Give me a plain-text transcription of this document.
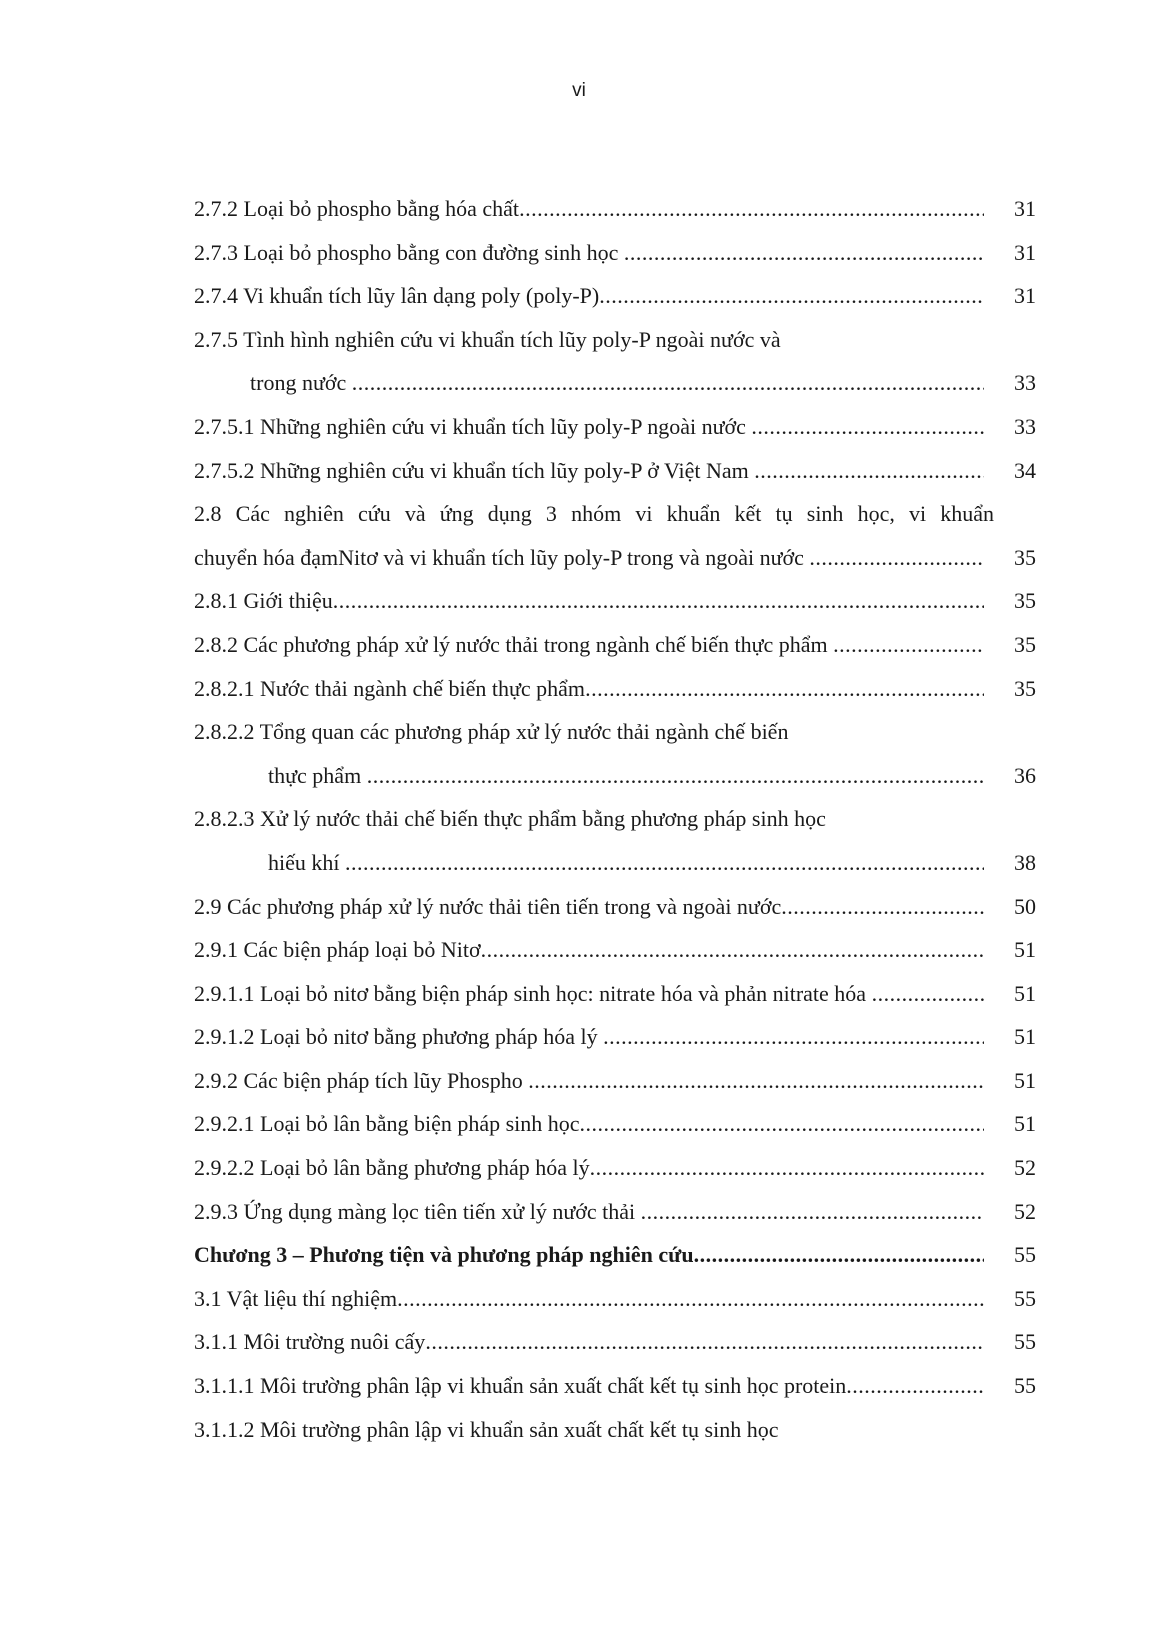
vi
2.7.2 Loại bỏ phospho bằng hóa chất .....	31
2.7.3 Loại bỏ phospho bằng con đường sinh học .....	31
2.7.4 Vi khuẩn tích lũy lân dạng poly (poly-P) .....	31
2.7.5 Tình hình nghiên cứu vi khuẩn tích lũy poly-P ngoài nước và
trong nước .....	33
2.7.5.1 Những nghiên cứu vi khuẩn tích lũy poly-P ngoài nước .....	33
2.7.5.2 Những nghiên cứu vi khuẩn tích lũy poly-P ở Việt Nam .....	34
2.8 Các nghiên cứu và ứng dụng 3 nhóm vi khuẩn kết tụ sinh học, vi khuẩn
chuyển hóa đạmNitơ và vi khuẩn tích lũy poly-P trong và ngoài nước .....	35
2.8.1 Giới thiệu .....	35
2.8.2 Các phương pháp xử lý nước thải trong ngành chế biến thực phẩm .....	35
2.8.2.1 Nước thải ngành chế biến thực phẩm .....	35
2.8.2.2 Tổng quan các phương pháp xử lý nước thải ngành chế biến
thực phẩm .....	36
2.8.2.3 Xử lý nước thải chế biến thực phẩm bằng phương pháp sinh học
hiếu khí .....	38
2.9 Các phương pháp xử lý nước thải tiên tiến trong và ngoài nước .....	50
2.9.1 Các biện pháp loại bỏ Nitơ .....	51
2.9.1.1 Loại bỏ nitơ bằng biện pháp sinh học: nitrate hóa và phản nitrate hóa .....	51
2.9.1.2 Loại bỏ nitơ bằng phương pháp hóa lý .....	51
2.9.2 Các biện pháp tích lũy Phospho .....	51
2.9.2.1 Loại bỏ lân bằng biện pháp sinh học .....	51
2.9.2.2 Loại bỏ lân bằng phương pháp hóa lý .....	52
2.9.3 Ứng dụng màng lọc tiên tiến xử lý nước thải .....	52
Chương 3 – Phương tiện và phương pháp nghiên cứu .....	55
3.1 Vật liệu thí nghiệm .....	55
3.1.1 Môi trường nuôi cấy .....	55
3.1.1.1 Môi trường phân lập vi khuẩn sản xuất chất kết tụ sinh học protein .....	55
3.1.1.2 Môi trường phân lập vi khuẩn sản xuất chất kết tụ sinh học
